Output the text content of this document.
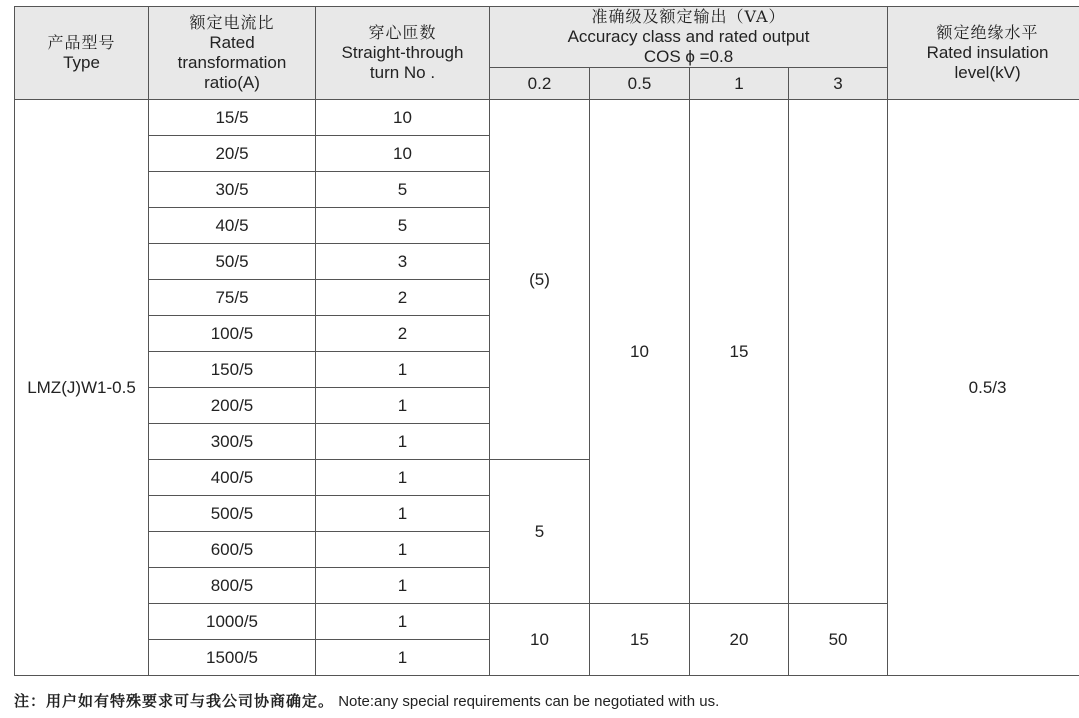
产品型号
Type	额定电流比
Rated
transformation
ratio(A)	穿心匝数
Straight-through
turn No .	准确级及额定输出（VA）
Accuracy class and rated output
COS ϕ =0.8				额定绝缘水平
Rated insulation
level(kV)

			0.2	0.5	1	3	
LMZ(J)W1-0.5	15/5	10	(5)	10	15		0.5/3
	20/5	10					
	30/5	5					
	40/5	5					
	50/5	3					
	75/5	2					
	100/5	2					
	150/5	1					
	200/5	1					
	300/5	1					
	400/5	1	5				
	500/5	1					
	600/5	1					
	800/5	1					
	1000/5	1	10	15	20	50	
	1500/5	1					
注：用户如有特殊要求可与我公司协商确定。 Note:any special requirements can be negotiated with us.
